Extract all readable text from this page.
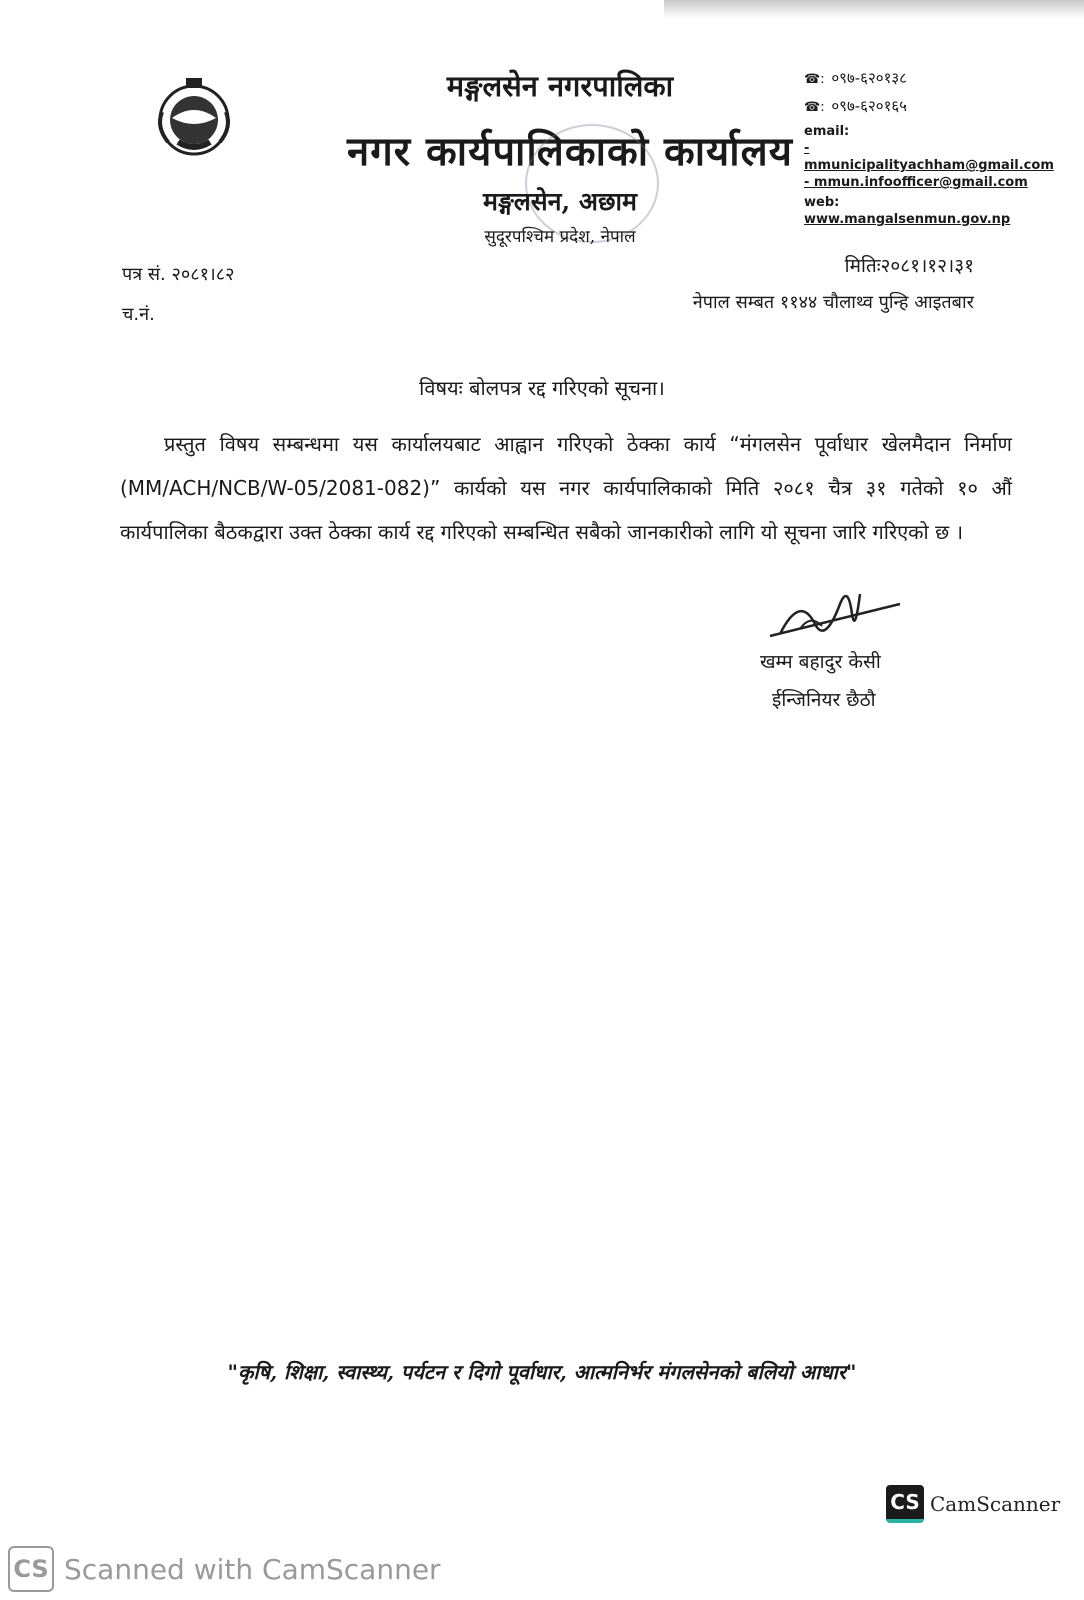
मङ्गलसेन नगरपालिका
नगर कार्यपालिकाको कार्यालय
मङ्गलसेन, अछाम
सुदूरपश्चिम प्रदेश, नेपाल
☎: ०९७-६२०१३८
☎: ०९७-६२०१६५
email:
- mmunicipalityachham@gmail.com
- mmun.infoofficer@gmail.com
web:
www.mangalsenmun.gov.np
पत्र सं. २०८१।८२
च.नं.
मितिः२०८१।१२।३१
नेपाल सम्बत ११४४ चौलाथ्व पुन्हि आइतबार
विषयः बोलपत्र रद्द गरिएको सूचना।
प्रस्तुत विषय सम्बन्धमा यस कार्यालयबाट आह्वान गरिएको ठेक्का कार्य “मंगलसेन पूर्वाधार खेलमैदान निर्माण (MM/ACH/NCB/W-05/2081-082)” कार्यको यस नगर कार्यपालिकाको मिति २०८१ चैत्र ३१ गतेको १० औं कार्यपालिका बैठकद्वारा उक्त ठेक्का कार्य रद्द गरिएको सम्बन्धित सबैको जानकारीको लागि यो सूचना जारि गरिएको छ ।
खम्म बहादुर केसी
ईन्जिनियर छैठौ
"कृषि, शिक्षा, स्वास्थ्य, पर्यटन र दिगो पूर्वाधार, आत्मनिर्भर मंगलसेनको बलियो आधार"
CS CamScanner
CS Scanned with CamScanner
